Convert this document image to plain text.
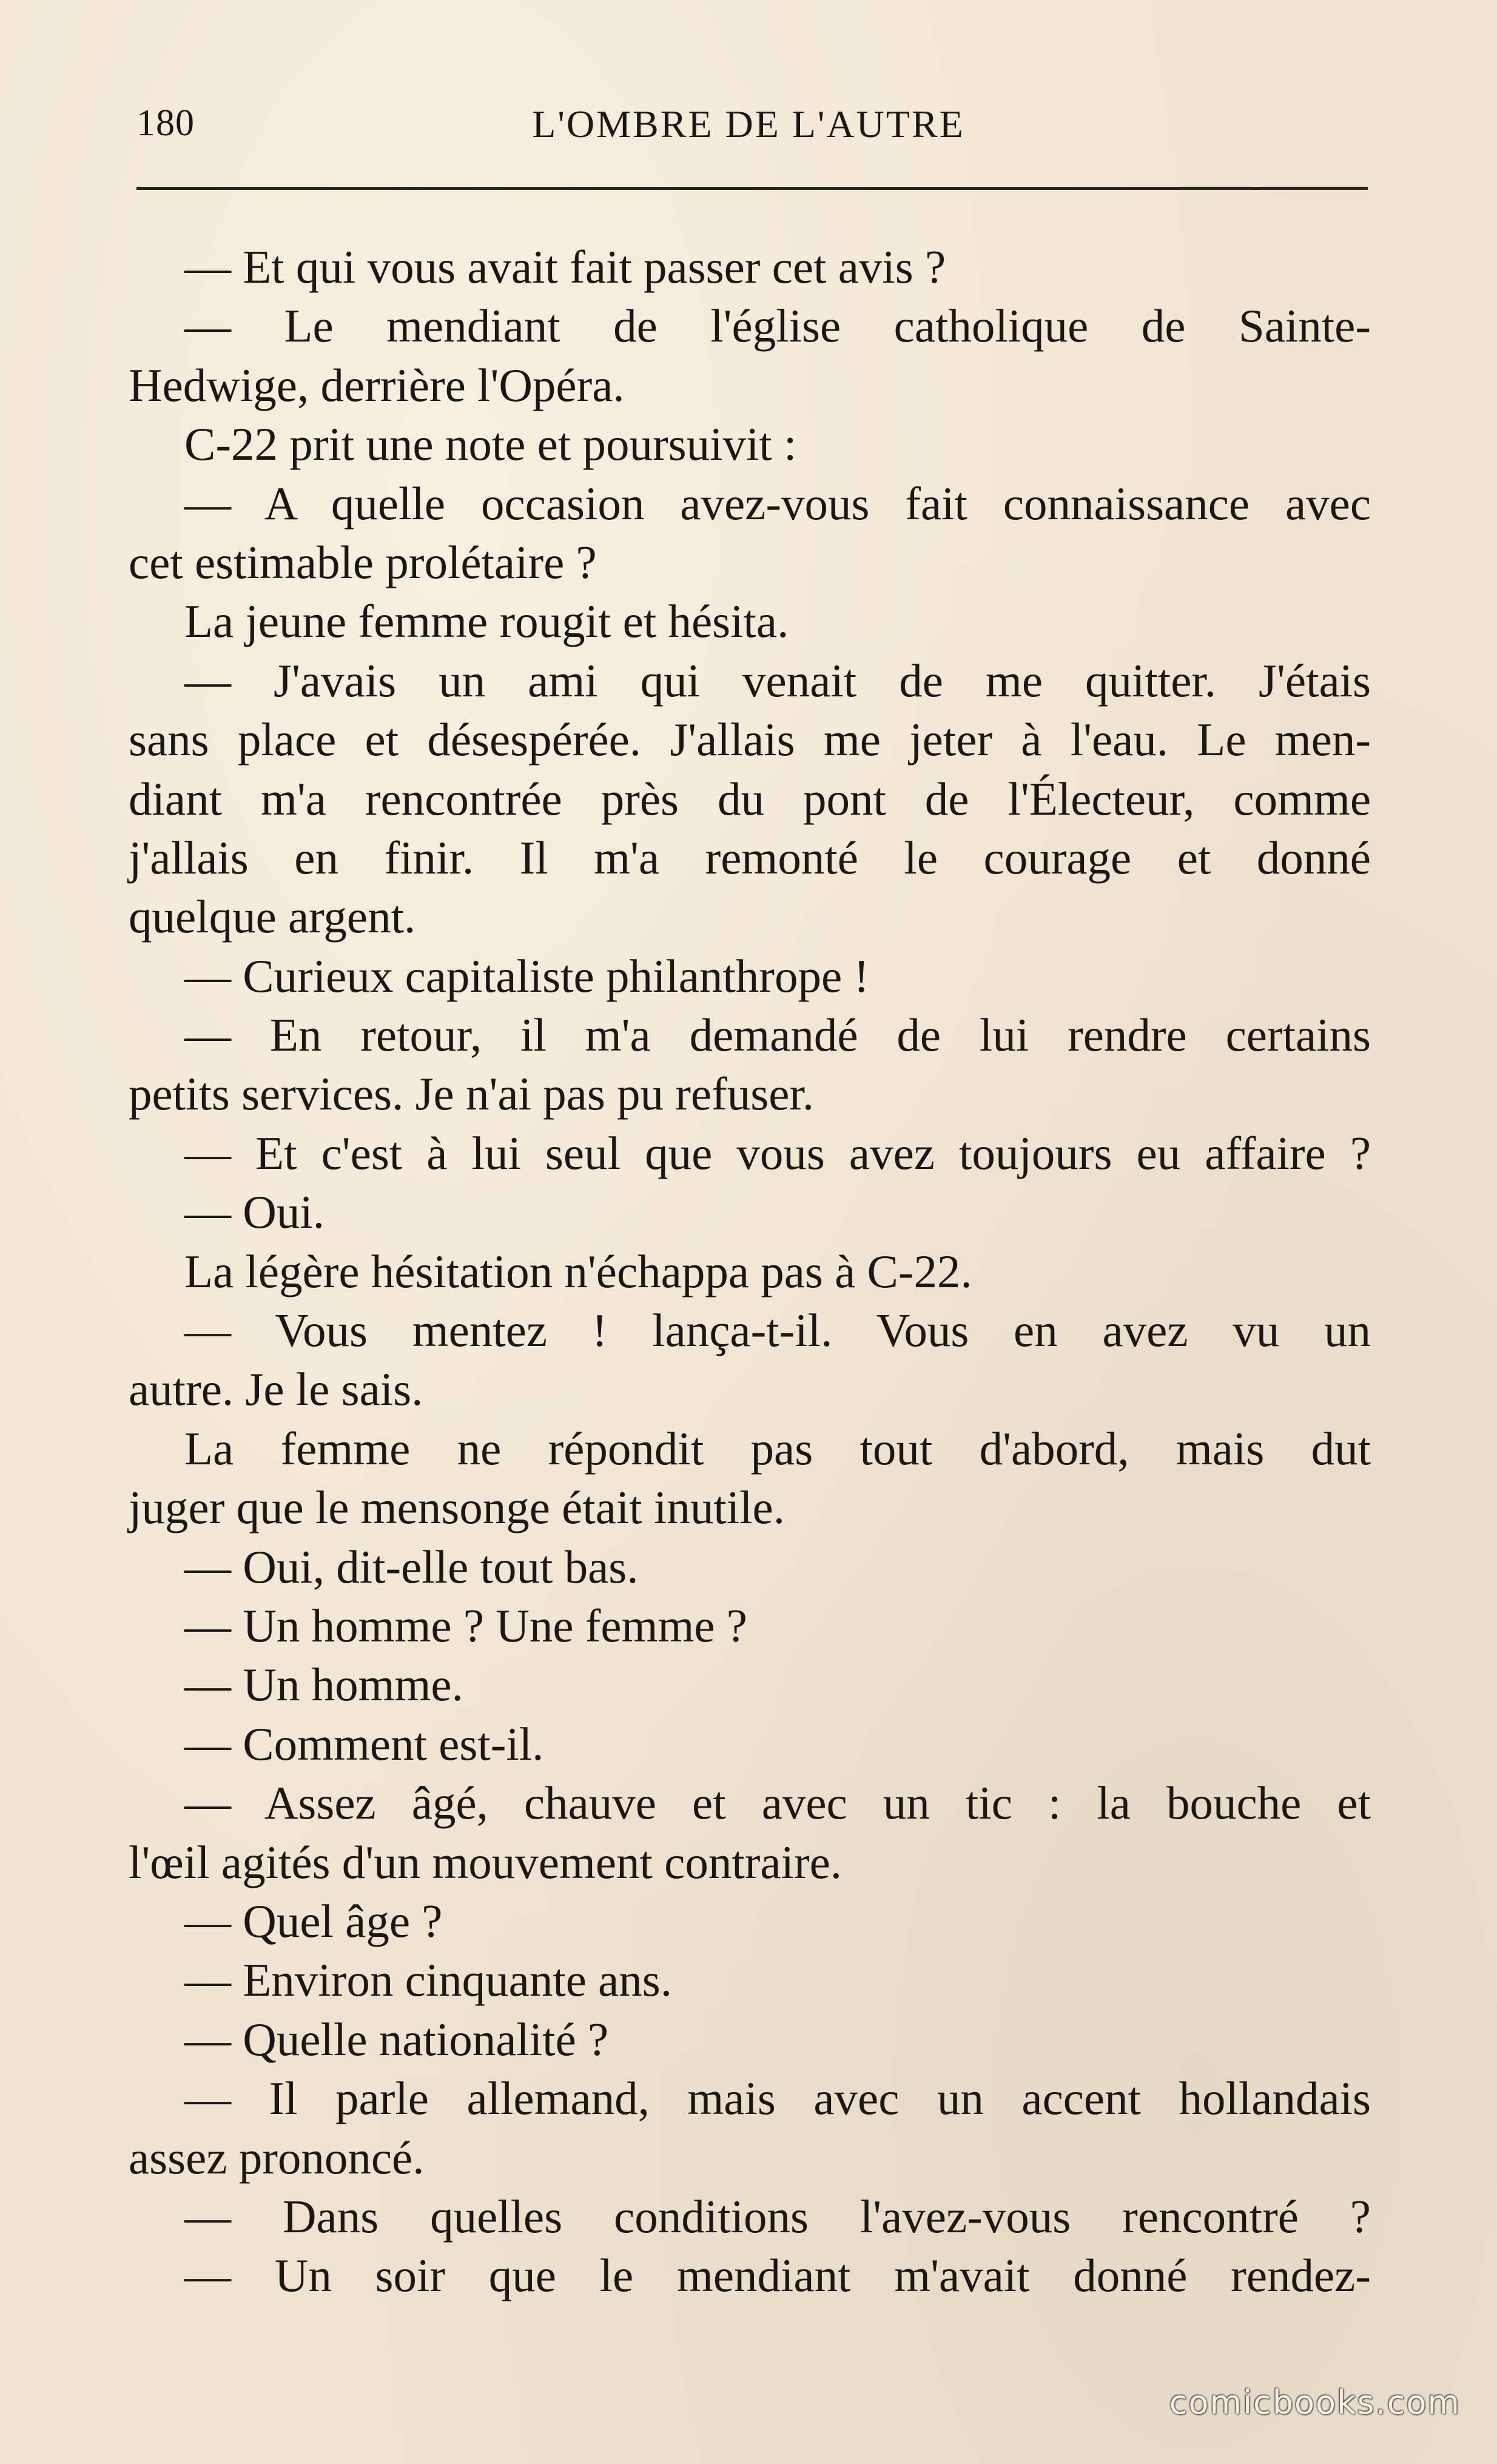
180	L'OMBRE DE L'AUTRE
— Et qui vous avait fait passer cet avis ?
— Le mendiant de l'église catholique de Sainte-
Hedwige, derrière l'Opéra.
C-22 prit une note et poursuivit :
— A quelle occasion avez-vous fait connaissance avec
cet estimable prolétaire ?
La jeune femme rougit et hésita.
— J'avais un ami qui venait de me quitter. J'étais
sans place et désespérée. J'allais me jeter à l'eau. Le men-
diant m'a rencontrée près du pont de l'Électeur, comme
j'allais en finir. Il m'a remonté le courage et donné
quelque argent.
— Curieux capitaliste philanthrope !
— En retour, il m'a demandé de lui rendre certains
petits services. Je n'ai pas pu refuser.
— Et c'est à lui seul que vous avez toujours eu affaire ?
— Oui.
La légère hésitation n'échappa pas à C-22.
— Vous mentez ! lança-t-il. Vous en avez vu un
autre. Je le sais.
La femme ne répondit pas tout d'abord, mais dut
juger que le mensonge était inutile.
— Oui, dit-elle tout bas.
— Un homme ? Une femme ?
— Un homme.
— Comment est-il.
— Assez âgé, chauve et avec un tic : la bouche et
l'œil agités d'un mouvement contraire.
— Quel âge ?
— Environ cinquante ans.
— Quelle nationalité ?
— Il parle allemand, mais avec un accent hollandais
assez prononcé.
— Dans quelles conditions l'avez-vous rencontré ?
— Un soir que le mendiant m'avait donné rendez-
comicbooks.com
